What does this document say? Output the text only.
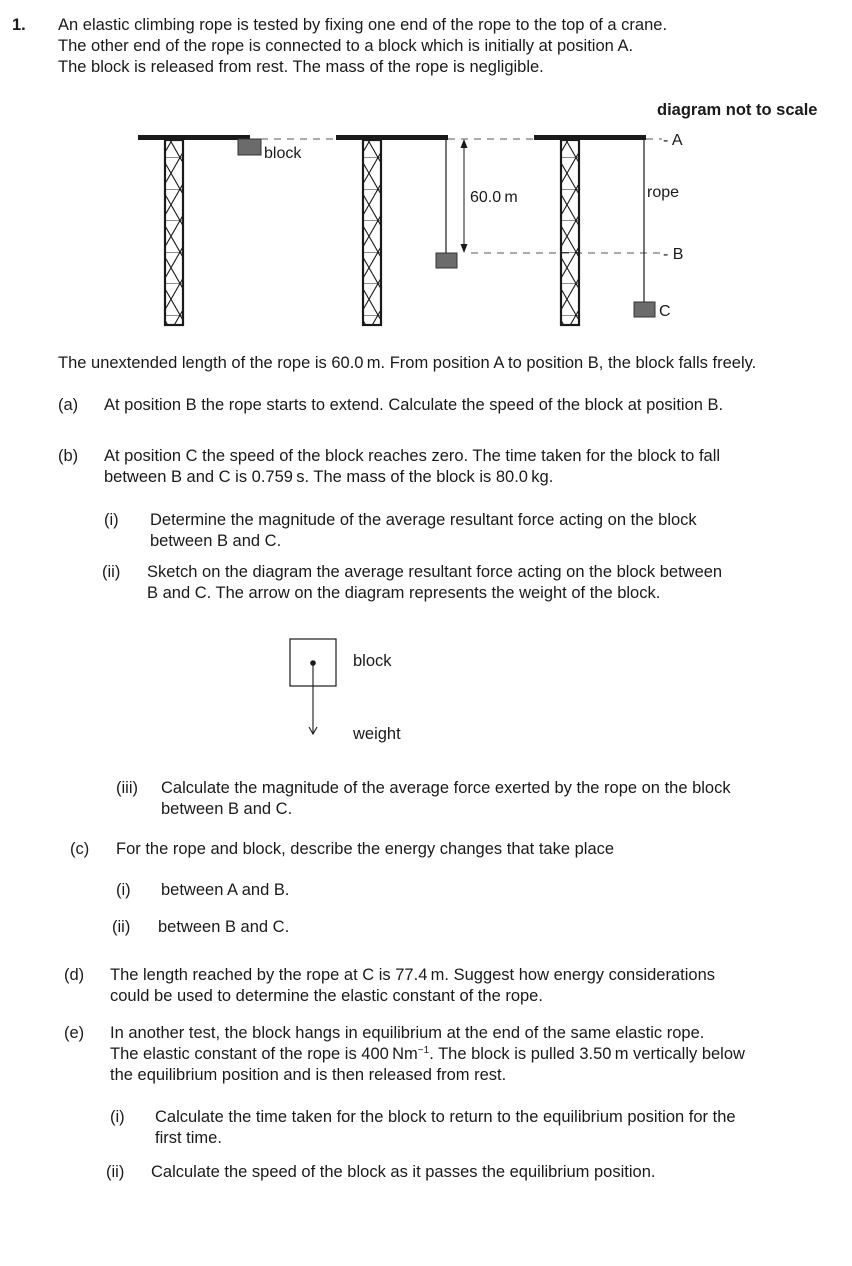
1. An elastic climbing rope is tested by fixing one end of the rope to the top of a crane.
The other end of the rope is connected to a block which is initially at position A.
The block is released from rest. The mass of the rope is negligible.
diagram not to scale
block
60.0 m	rope
- A
- B
C
The unextended length of the rope is 60.0 m. From position A to position B, the block falls freely.
(a) At position B the rope starts to extend. Calculate the speed of the block at position B.
(b) At position C the speed of the block reaches zero. The time taken for the block to fall
between B and C is 0.759 s. The mass of the block is 80.0 kg.
(i) Determine the magnitude of the average resultant force acting on the block
between B and C.
(ii) Sketch on the diagram the average resultant force acting on the block between
B and C. The arrow on the diagram represents the weight of the block.
block
weight
(iii) Calculate the magnitude of the average force exerted by the rope on the block
between B and C.
(c) For the rope and block, describe the energy changes that take place
(i) between A and B.
(ii) between B and C.
(d) The length reached by the rope at C is 77.4 m. Suggest how energy considerations
could be used to determine the elastic constant of the rope.
(e) In another test, the block hangs in equilibrium at the end of the same elastic rope.
The elastic constant of the rope is 400 $Nm^{-1}$. The block is pulled 3.50 m vertically below
the equilibrium position and is then released from rest.
(i) Calculate the time taken for the block to return to the equilibrium position for the
first time.
(ii) Calculate the speed of the block as it passes the equilibrium position.
